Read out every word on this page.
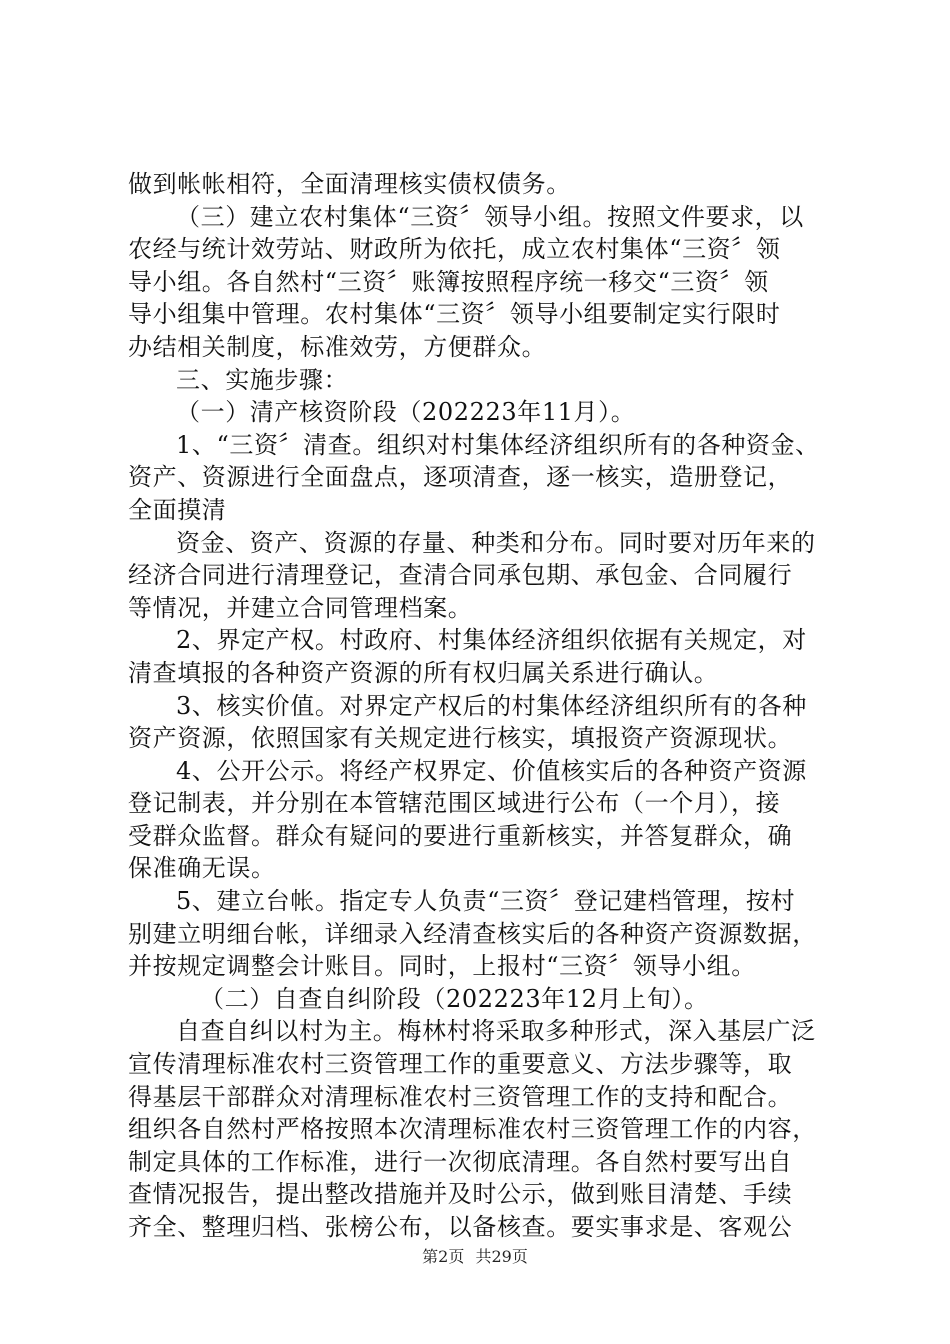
做到帐帐相符，全面清理核实债权债务。
（三）建立农村集体“三资〞领导小组。按照文件要求，以
农经与统计效劳站、财政所为依托，成立农村集体“三资〞领
导小组。各自然村“三资〞账簿按照程序统一移交“三资〞领
导小组集中管理。农村集体“三资〞领导小组要制定实行限时
办结相关制度，标准效劳，方便群众。
三、实施步骤：
（一）清产核资阶段（202223年11月）。
1、“三资〞清查。组织对村集体经济组织所有的各种资金、
资产、资源进行全面盘点，逐项清查，逐一核实，造册登记，
全面摸清
资金、资产、资源的存量、种类和分布。同时要对历年来的
经济合同进行清理登记，查清合同承包期、承包金、合同履行
等情况，并建立合同管理档案。
2、界定产权。村政府、村集体经济组织依据有关规定，对
清查填报的各种资产资源的所有权归属关系进行确认。
3、核实价值。对界定产权后的村集体经济组织所有的各种
资产资源，依照国家有关规定进行核实，填报资产资源现状。
4、公开公示。将经产权界定、价值核实后的各种资产资源
登记制表，并分别在本管辖范围区域进行公布（一个月），接
受群众监督。群众有疑问的要进行重新核实，并答复群众，确
保准确无误。
5、建立台帐。指定专人负责“三资〞登记建档管理，按村
别建立明细台帐，详细录入经清查核实后的各种资产资源数据，
并按规定调整会计账目。同时，上报村“三资〞领导小组。
（二）自查自纠阶段（202223年12月上旬）。
自查自纠以村为主。梅林村将采取多种形式，深入基层广泛
宣传清理标准农村三资管理工作的重要意义、方法步骤等，取
得基层干部群众对清理标准农村三资管理工作的支持和配合。
组织各自然村严格按照本次清理标准农村三资管理工作的内容，
制定具体的工作标准，进行一次彻底清理。各自然村要写出自
查情况报告，提出整改措施并及时公示，做到账目清楚、手续
齐全、整理归档、张榜公布，以备核查。要实事求是、客观公
第2页 共29页
